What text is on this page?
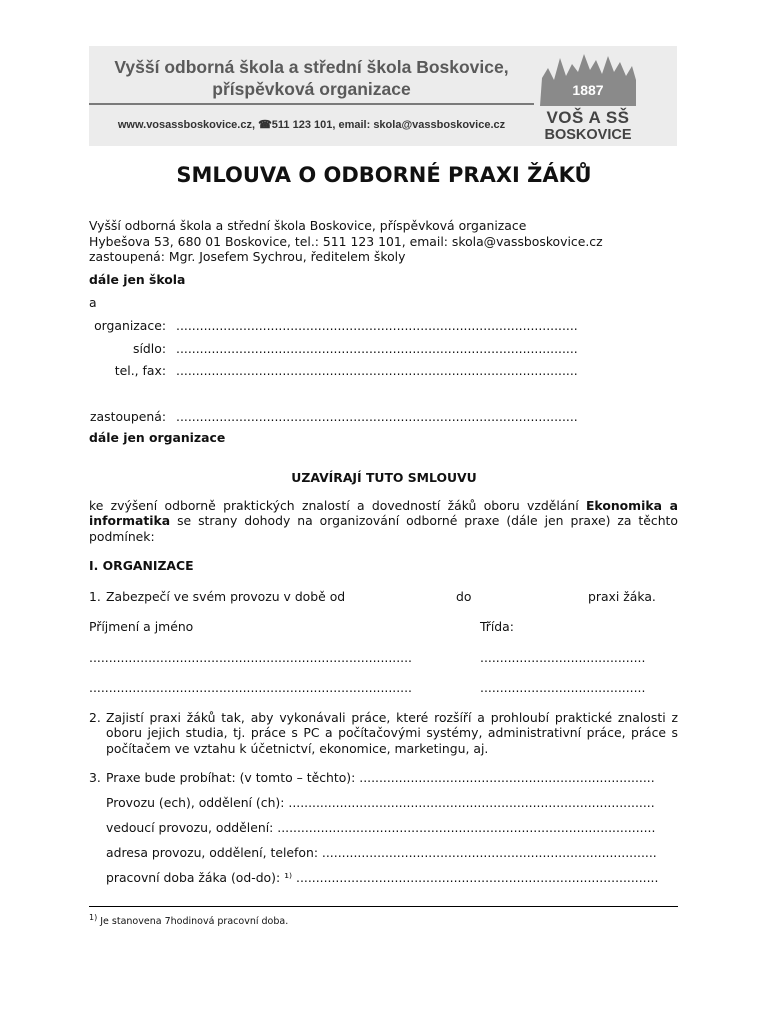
Vyšší odborná škola a střední škola Boskovice,
příspěvková organizace
www.vosassboskovice.cz, ☎511 123 101, email: skola@vassboskovice.cz
1887
VOŠ A SŠ
BOSKOVICE
SMLOUVA O ODBORNÉ PRAXI ŽÁKŮ
Vyšší odborná škola a střední škola Boskovice, příspěvková organizace
Hybešova 53, 680 01 Boskovice, tel.: 511 123 101, email: skola@vassboskovice.cz
zastoupená: Mgr. Josefem Sychrou, ředitelem školy
dále jen škola
a
organizace: ......................................................................................................
sídlo: ......................................................................................................
tel., fax: ......................................................................................................
zastoupená: ......................................................................................................
dále jen organizace
UZAVÍRAJÍ TUTO SMLOUVU
ke zvýšení odborně praktických znalostí a dovedností žáků oboru vzdělání Ekonomika a informatika se strany dohody na organizování odborné praxe (dále jen praxe) za těchto podmínek:
I. ORGANIZACE
1. Zabezpečí ve svém provozu v době od	do	praxi žáka.
Příjmení a jméno	Třída:
..................................................................................	..........................................
..................................................................................	..........................................
2. Zajistí praxi žáků tak, aby vykonávali práce, které rozšíří a prohloubí praktické znalosti z oboru jejich studia, tj. práce s PC a počítačovými systémy, administrativní práce, práce s počítačem ve vztahu k účetnictví, ekonomice, marketingu, aj.
3. Praxe bude probíhat: (v tomto – těchto): ...........................................................................
Provozu (ech), oddělení (ch): .............................................................................................
vedoucí provozu, oddělení: ................................................................................................
adresa provozu, oddělení, telefon: .....................................................................................
pracovní doba žáka (od-do): ¹⁾ ............................................................................................
$^{1)}$ Je stanovena 7hodinová pracovní doba.
